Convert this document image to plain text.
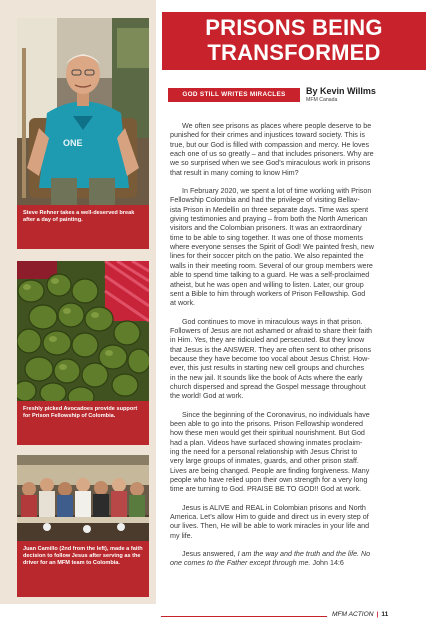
ONE
Steve Rehner takes a well-deserved break after a day of painting.
Freshly picked Avocadoes provide support for Prison Fellowship of Colombia.
Juan Camillo (2nd from the left), made a faith decision to follow Jesus after serving as the driver for an MFM team to Colombia.
PRISONS BEING
TRANSFORMED
GOD STILL WRITES MIRACLES	By Kevin Willms
MFM Canada

We often see prisons as places where people deserve to be
punished for their crimes and injustices toward society. This is
true, but our God is filled with compassion and mercy. He loves
each one of us so greatly – and that includes prisoners. Why are
we so surprised when we see God’s miraculous work in prisons
that result in many coming to know Him?

In February 2020, we spent a lot of time working with Prison
Fellowship Colombia and had the privilege of visiting Bellav-
ista Prison in Medellin on three separate days. Time was spent
giving testimonies and praying – from both the North American
visitors and the Colombian prisoners. It was an extraordinary
time to be able to sing together. It was one of those moments
where everyone senses the Spirit of God! We painted fresh, new
lines for their soccer pitch on the patio. We also repainted the
walls in their meeting room. Several of our group members were
able to spend time talking to a guard. He was a self-proclaimed
atheist, but he was open and willing to listen. Later, our group
sent a Bible to him through workers of Prison Fellowship. God
at work.

God continues to move in miraculous ways in that prison.
Followers of Jesus are not ashamed or afraid to share their faith
in Him. Yes, they are ridiculed and persecuted. But they know
that Jesus is the ANSWER. They are often sent to other prisons
because they have become too vocal about Jesus Christ. How-
ever, this just results in starting new cell groups and churches
in the new jail. It sounds like the book of Acts where the early
church dispersed and spread the Gospel message throughout
the world! God at work.

Since the beginning of the Coronavirus, no individuals have
been able to go into the prisons. Prison Fellowship wondered
how these men would get their spiritual nourishment. But God
had a plan. Videos have surfaced showing inmates proclaim-
ing the need for a personal relationship with Jesus Christ to
very large groups of inmates, guards, and other prison staff.
Lives are being changed. People are finding forgiveness. Many
people who have relied upon their own strength for a very long
time are turning to God. PRAISE BE TO GOD!! God at work.

Jesus is ALIVE and REAL in Colombian prisons and North
America. Let’s allow Him to guide and direct us in every step of
our lives. Then, He will be able to work miracles in your life and
my life.

Jesus answered, I am the way and the truth and the life. No
one comes to the Father except through me. John 14:6

MFM ACTION | 11
